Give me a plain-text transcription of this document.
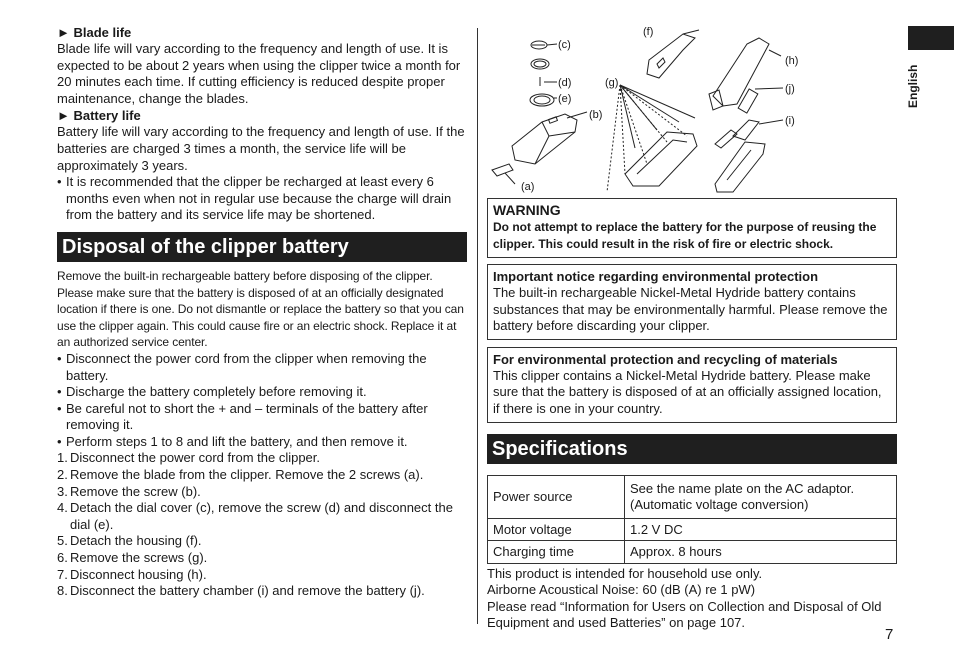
► Blade life

Blade life will vary according to the frequency and length of use. It is expected to be about 2 years when using the clipper twice a month for 20 minutes each time. If cutting efficiency is reduced despite proper maintenance, change the blades.

► Battery life

Battery life will vary according to the frequency and length of use. If the batteries are charged 3 times a month, the service life will be approximately 3 years.

• It is recommended that the clipper be recharged at least every 6 months even when not in regular use because the charge will drain from the battery and its service life may be shortened.
Disposal of the clipper battery

Remove the built-in rechargeable battery before disposing of the clipper. Please make sure that the battery is disposed of at an officially designated location if there is one. Do not dismantle or replace the battery so that you can use the clipper again. This could cause fire or an electric shock. Replace it at an authorized service center.

• Disconnect the power cord from the clipper when removing the battery.
• Discharge the battery completely before removing it.
• Be careful not to short the + and – terminals of the battery after removing it.
• Perform steps 1 to 8 and lift the battery, and then remove it.
1. Disconnect the power cord from the clipper.
2. Remove the blade from the clipper. Remove the 2 screws (a).
3. Remove the screw (b).
4. Detach the dial cover (c), remove the screw (d) and disconnect the dial (e).
5. Detach the housing (f).
6. Remove the screws (g).
7. Disconnect housing (h).
8. Disconnect the battery chamber (i) and remove the battery (j).
(c)
(d)
(e)
(b)
(f)
(g)
(h)
(j)
(i)
(a)
WARNING
Do not attempt to replace the battery for the purpose of reusing the clipper. This could result in the risk of fire or electric shock.
Important notice regarding environmental protection
The built-in rechargeable Nickel-Metal Hydride battery contains substances that may be environmentally harmful. Please remove the battery before discarding your clipper.
For environmental protection and recycling of materials
This clipper contains a Nickel-Metal Hydride battery. Please make sure that the battery is disposed of at an officially assigned location, if there is one in your country.
Specifications
Power source	See the name plate on the AC adaptor.
(Automatic voltage conversion)

Motor voltage	1.2 V DC
Charging time	Approx. 8 hours

This product is intended for household use only.

Airborne Acoustical Noise: 60 (dB (A) re 1 pW)

Please read “Information for Users on Collection and Disposal of Old Equipment and used Batteries” on page 107.

English
7
